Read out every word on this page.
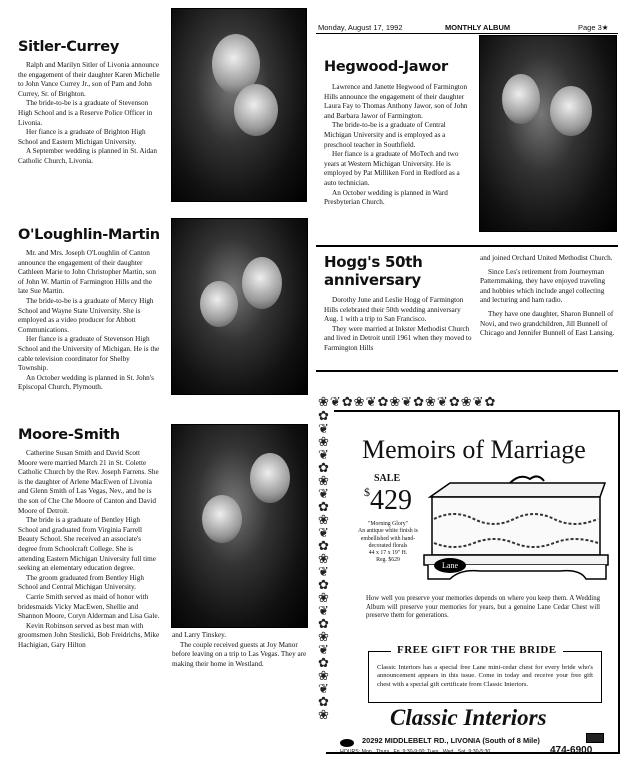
Monday, August 17, 1992	MONTHLY ALBUM	Page 3★
Sitler-Currey

Ralph and Marilyn Sitler of Livonia announce the engagement of their daughter Karen Michelle to John Vance Currey Jr., son of Pam and John Currey, Sr. of Brighton.

The bride-to-be is a graduate of Stevenson High School and is a Reserve Police Officer in Livonia.

Her fiance is a graduate of Brighton High School and Eastern Michigan University.

A September wedding is planned in St. Aidan Catholic Church, Livonia.

O'Loughlin-Martin

Mr. and Mrs. Joseph O'Loughlin of Canton announce the engagement of their daughter Cathleen Marie to John Christopher Martin, son of John W. Martin of Farmington Hills and the late Sue Martin.

The bride-to-be is a graduate of Mercy High School and Wayne State University. She is employed as a video producer for Abbott Communications.

Her fiance is a graduate of Stevenson High School and the University of Michigan. He is the cable television coordinator for Shelby Township.

An October wedding is planned in St. John's Episcopal Church, Plymouth.

Moore-Smith

Catherine Susan Smith and David Scott Moore were married March 21 in St. Colette Catholic Church by the Rev. Joseph Farrens. She is the daughter of Arlene MacEwen of Livonia and Glenn Smith of Las Vegas, Nev., and he is the son of Che Che Moore of Canton and David Moore of Detroit.

The bride is a graduate of Bentley High School and graduated from Virginia Farrell Beauty School. She received an associate's degree from Schoolcraft College. She is attending Eastern Michigan University full time seeking an elementary education degree.

The groom graduated from Bentley High School and Central Michigan University.

Carrie Smith served as maid of honor with bridesmaids Vicky MacEwen, Shellie and Shannon Moore, Coryn Alderman and Lisa Gale.

Kevin Robinson served as best man with groomsmen John Steslicki, Bob Freidrichs, Mike Hachigian, Gary Hilton

and Larry Tinskey.

The couple received guests at Joy Manor before leaving on a trip to Las Vegas. They are making their home in Westland.

Hegwood-Jawor

Lawrence and Janette Hegwood of Farmington Hills announce the engagement of their daughter Laura Fay to Thomas Anthony Jawor, son of John and Barbara Jawor of Farmington.

The bride-to-be is a graduate of Central Michigan University and is employed as a preschool teacher in Southfield.

Her fiance is a graduate of MoTech and two years at Western Michigan University. He is employed by Pat Milliken Ford in Redford as a auto technician.

An October wedding is planned in Ward Presbyterian Church.

Hogg's 50th anniversary

Dorothy June and Leslie Hogg of Farmington Hills celebrated their 50th wedding anniversary Aug. 1 with a trip to San Francisco.

They were married at Inkster Methodist Church and lived in Detroit until 1961 when they moved to Farmington Hills

and joined Orchard United Methodist Church.

Since Les's retirement from Journeyman Patternmaking, they have enjoyed traveling and hobbies which include angel collecting and lecturing and ham radio.

They have one daughter, Sharon Bunnell of Novi, and two grandchildren, Jill Bunnell of Chicago and Jennifer Bunnell of East Lansing.

❀❦✿❀❦✿❀❦✿❀❦✿❀❦✿
✿
❦
❀
❦
✿
❀
❦
✿
❀
❦
✿
❀
❦
✿
❀
❦
✿
❀
❦
✿
❀
❦
✿
❀
Memoirs of Marriage
SALE
$429
"Morning Glory"
An antique white finish is embellished with hand-decorated florals
44 x 17 x 19" H.
Reg. $629
Lane
How well you preserve your memories depends on where you keep them. A Wedding Album will preserve your memories for years, but a genuine Lane Cedar Chest will preserve them for generations.
FREE GIFT FOR THE BRIDE
Classic Interiors has a special free Lane mini-cedar chest for every bride who's announcement appears in this issue. Come in today and receive your free gift chest with a special gift certificate from Classic Interiors.
Classic Interiors
20292 MIDDLEBELT RD., LIVONIA (South of 8 Mile)
HOURS: Mon., Thurs., Fri. 9:30-9:00; Tues., Wed., Sat. 9:30-5:30	474-6900
